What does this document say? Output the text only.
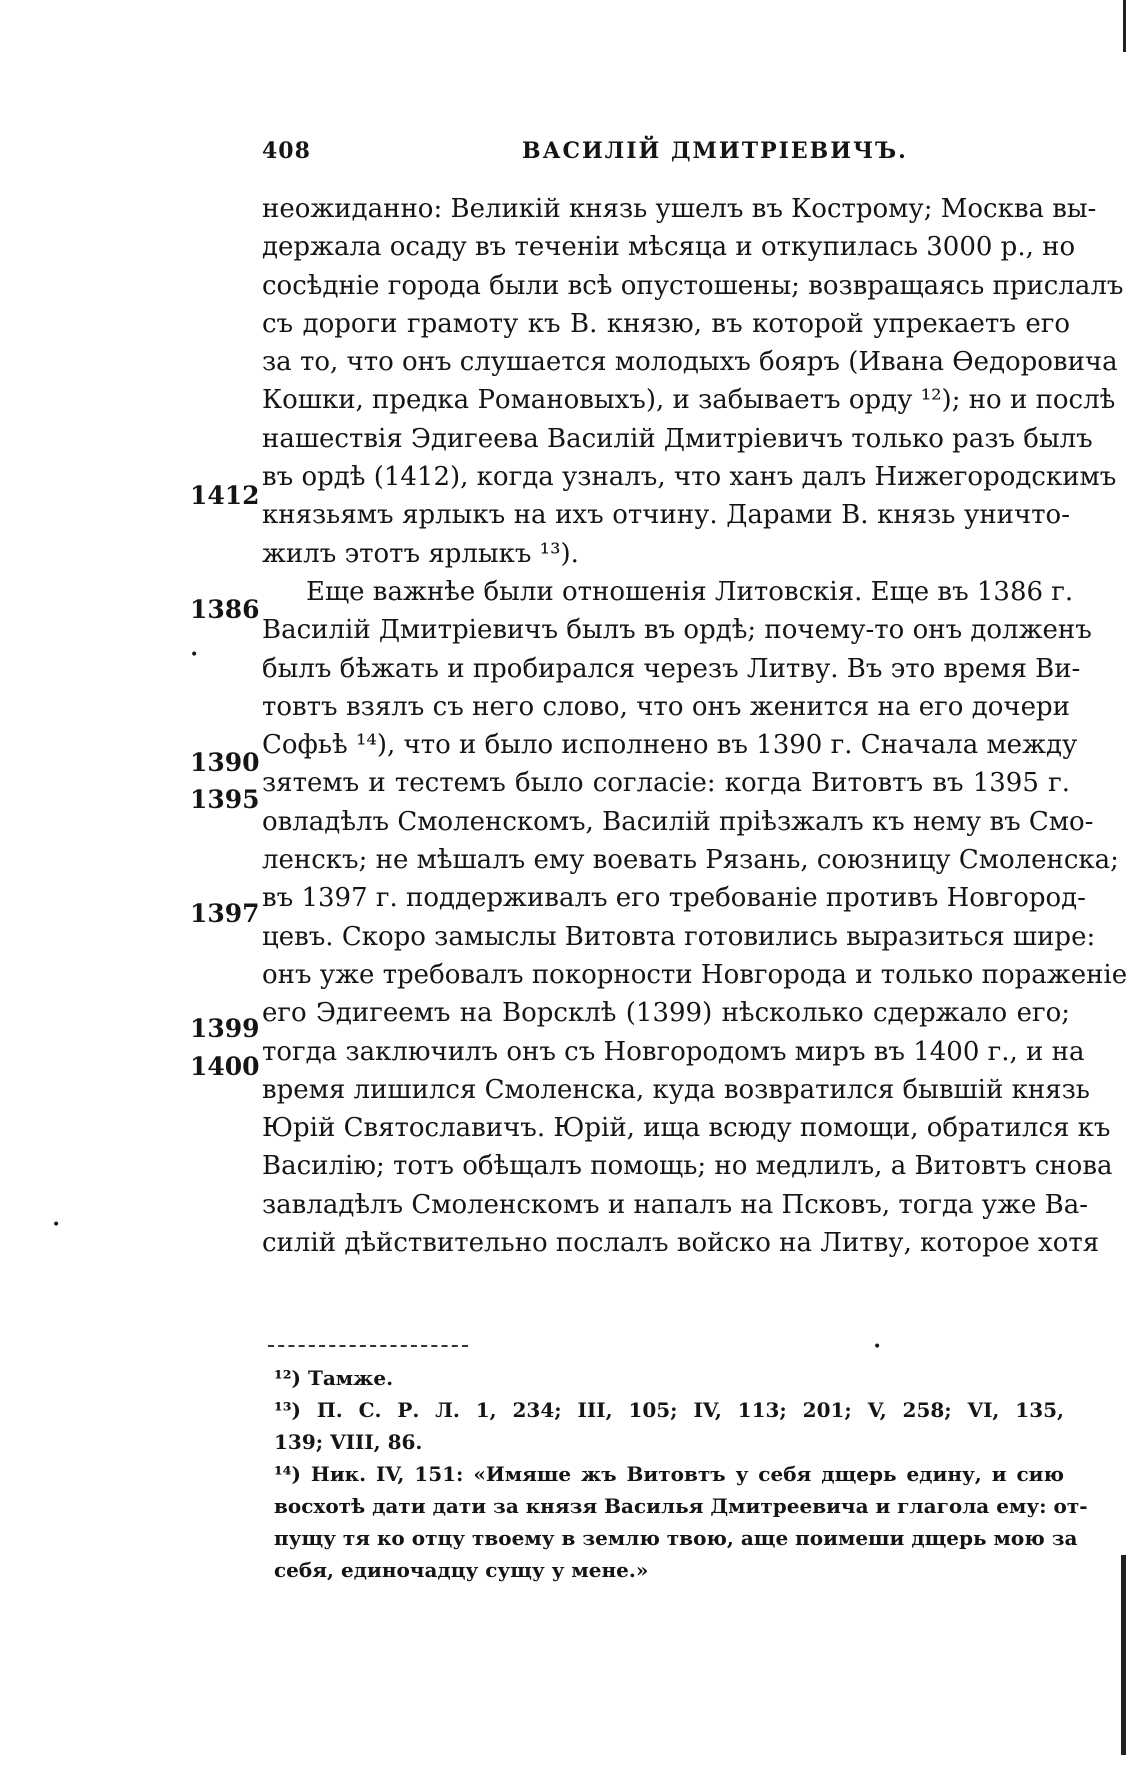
408	ВАСИЛІЙ ДМИТРІЕВИЧЪ.
1412
1386
1390
1395
1397
1399
1400
•
•
•
неожиданно: Великій князь ушелъ въ Кострому; Москва вы-
держала осаду въ теченіи мѣсяца и откупилась 3000 р., но
сосѣдніе города были всѣ опустошены; возвращаясь прислалъ
съ дороги грамоту къ В. князю, въ которой упрекаетъ его
за то, что онъ слушается молодыхъ бояръ (Ивана Ѳедоровича
Кошки, предка Романовыхъ), и забываетъ орду ¹²); но и послѣ
нашествія Эдигеева Василій Дмитріевичъ только разъ былъ
въ ордѣ (1412), когда узналъ, что ханъ далъ Нижегородскимъ
князьямъ ярлыкъ на ихъ отчину. Дарами В. князь уничто-
жилъ этотъ ярлыкъ ¹³).
Еще важнѣе были отношенія Литовскія. Еще въ 1386 г.
Василій Дмитріевичъ былъ въ ордѣ; почему-то онъ долженъ
былъ бѣжать и пробирался черезъ Литву. Въ это время Ви-
товтъ взялъ съ него слово, что онъ женится на его дочери
Софьѣ ¹⁴), что и было исполнено въ 1390 г. Сначала между
зятемъ и тестемъ было согласіе: когда Витовтъ въ 1395 г.
овладѣлъ Смоленскомъ, Василій пріѣзжалъ къ нему въ Смо-
ленскъ; не мѣшалъ ему воевать Рязань, союзницу Смоленска;
въ 1397 г. поддерживалъ его требованіе противъ Новгород-
цевъ. Скоро замыслы Витовта готовились выразиться шире:
онъ уже требовалъ покорности Новгорода и только пораженіе
его Эдигеемъ на Ворсклѣ (1399) нѣсколько сдержало его;
тогда заключилъ онъ съ Новгородомъ миръ въ 1400 г., и на
время лишился Смоленска, куда возвратился бывшій князь
Юрій Святославичъ. Юрій, ища всюду помощи, обратился къ
Василію; тотъ обѣщалъ помощь; но медлилъ, а Витовтъ снова
завладѣлъ Смоленскомъ и напалъ на Псковъ, тогда уже Ва-
силій дѣйствительно послалъ войско на Литву, которое хотя
¹²) Тамже.
¹³) П. С. Р. Л. 1, 234; III, 105; IV, 113; 201; V, 258; VI, 135,
139; VIII, 86.
¹⁴) Ник. IV, 151: «Имяше жъ Витовтъ у себя дщерь едину, и сию
восхотѣ дати дати за князя Василья Дмитреевича и глагола ему: от-
пущу тя ко отцу твоему в землю твою, аще поимеши дщерь мою за
себя, единочадцу сущу у мене.»
